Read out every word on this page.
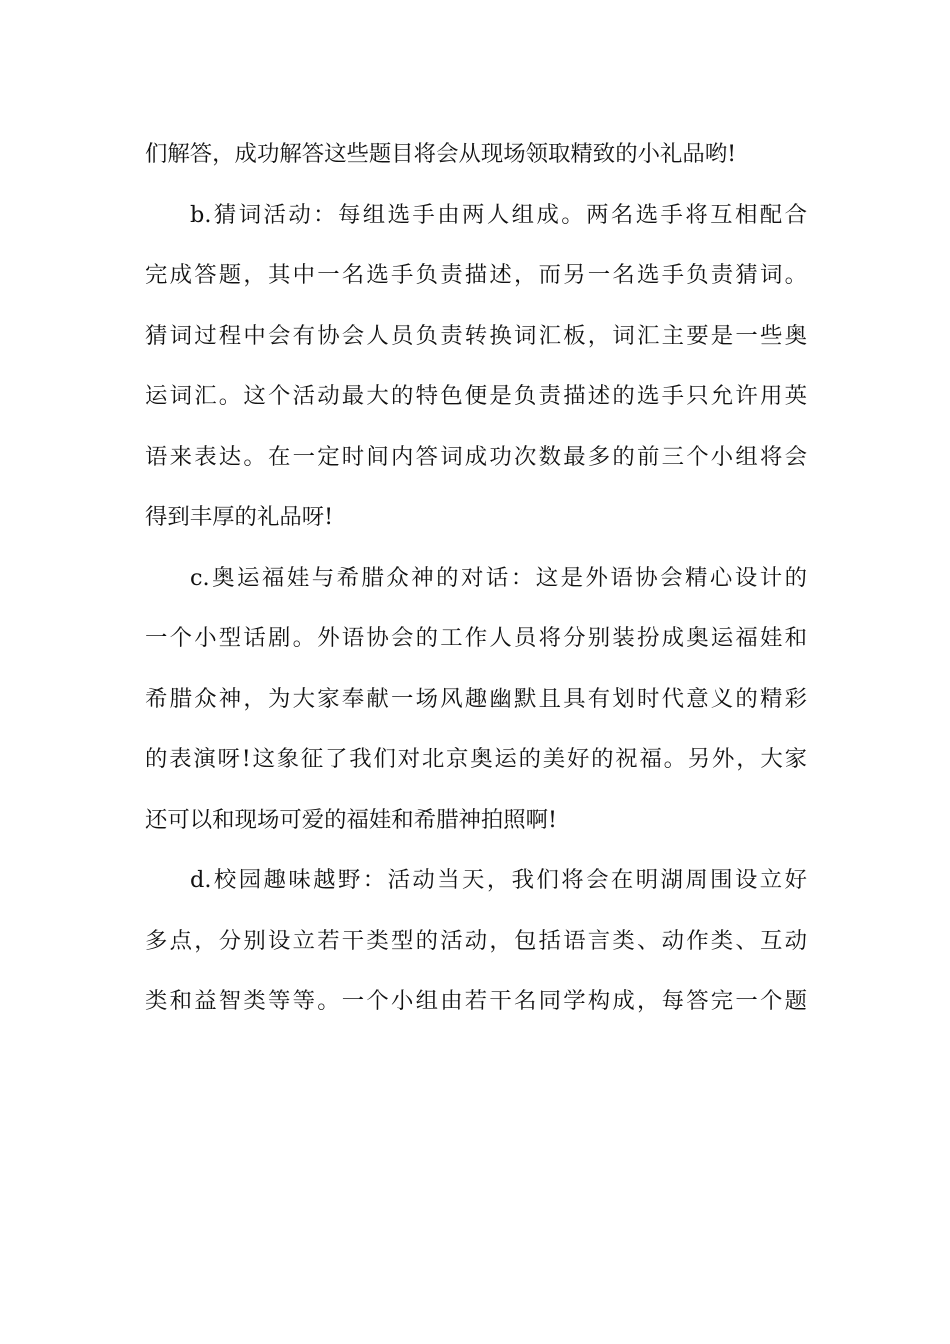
们解答，成功解答这些题目将会从现场领取精致的小礼品哟!
b.猜词活动：每组选手由两人组成。两名选手将互相配合
完成答题，其中一名选手负责描述，而另一名选手负责猜词。
猜词过程中会有协会人员负责转换词汇板，词汇主要是一些奥
运词汇。这个活动最大的特色便是负责描述的选手只允许用英
语来表达。在一定时间内答词成功次数最多的前三个小组将会
得到丰厚的礼品呀!
c.奥运福娃与希腊众神的对话：这是外语协会精心设计的
一个小型话剧。外语协会的工作人员将分别装扮成奥运福娃和
希腊众神，为大家奉献一场风趣幽默且具有划时代意义的精彩
的表演呀!这象征了我们对北京奥运的美好的祝福。另外，大家
还可以和现场可爱的福娃和希腊神拍照啊!
d.校园趣味越野：活动当天，我们将会在明湖周围设立好
多点，分别设立若干类型的活动，包括语言类、动作类、互动
类和益智类等等。一个小组由若干名同学构成，每答完一个题
